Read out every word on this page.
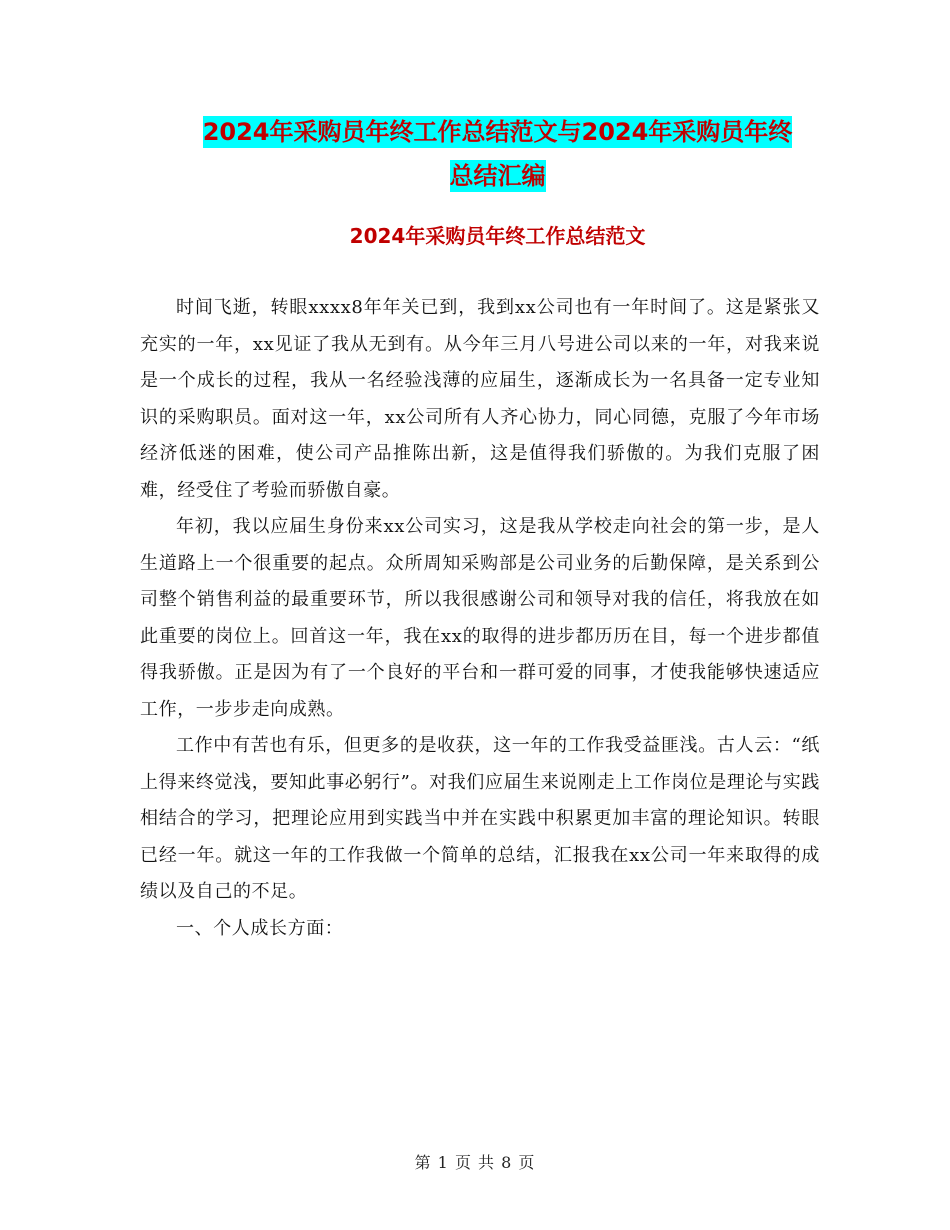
2024年采购员年终工作总结范文与2024年采购员年终
总结汇编
2024年采购员年终工作总结范文

时间飞逝，转眼xxxx8年年关已到，我到xx公司也有一年时间了。这是紧张又充实的一年，xx见证了我从无到有。从今年三月八号进公司以来的一年，对我来说是一个成长的过程，我从一名经验浅薄的应届生，逐渐成长为一名具备一定专业知识的采购职员。面对这一年，xx公司所有人齐心协力，同心同德，克服了今年市场经济低迷的困难，使公司产品推陈出新，这是值得我们骄傲的。为我们克服了困难，经受住了考验而骄傲自豪。

年初，我以应届生身份来xx公司实习，这是我从学校走向社会的第一步，是人生道路上一个很重要的起点。众所周知采购部是公司业务的后勤保障，是关系到公司整个销售利益的最重要环节，所以我很感谢公司和领导对我的信任，将我放在如此重要的岗位上。回首这一年，我在xx的取得的进步都历历在目，每一个进步都值得我骄傲。正是因为有了一个良好的平台和一群可爱的同事，才使我能够快速适应工作，一步步走向成熟。

工作中有苦也有乐，但更多的是收获，这一年的工作我受益匪浅。古人云：“纸上得来终觉浅，要知此事必躬行”。对我们应届生来说刚走上工作岗位是理论与实践相结合的学习，把理论应用到实践当中并在实践中积累更加丰富的理论知识。转眼已经一年。就这一年的工作我做一个简单的总结，汇报我在xx公司一年来取得的成绩以及自己的不足。

一、个人成长方面：

第 1 页 共 8 页
